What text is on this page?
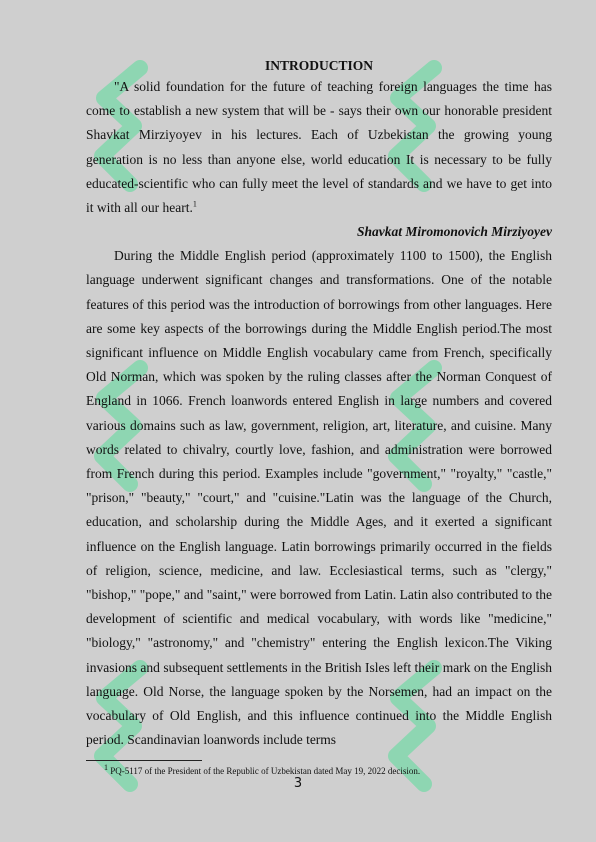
INTRODUCTION

"A solid foundation for the future of teaching foreign languages the time has come to establish a new system that will be - says their own our honorable president Shavkat Mirziyoyev in his lectures. Each of Uzbekistan the growing young generation is no less than anyone else, world education It is necessary to be fully educated-scientific who can fully meet the level of standards and we have to get into it with all our heart.$^1$

Shavkat Miromonovich Mirziyoyev

During the Middle English period (approximately 1100 to 1500), the English language underwent significant changes and transformations. One of the notable features of this period was the introduction of borrowings from other languages. Here are some key aspects of the borrowings during the Middle English period.The most significant influence on Middle English vocabulary came from French, specifically Old Norman, which was spoken by the ruling classes after the Norman Conquest of England in 1066. French loanwords entered English in large numbers and covered various domains such as law, government, religion, art, literature, and cuisine. Many words related to chivalry, courtly love, fashion, and administration were borrowed from French during this period. Examples include "government," "royalty," "castle," "prison," "beauty," "court," and "cuisine."Latin was the language of the Church, education, and scholarship during the Middle Ages, and it exerted a significant influence on the English language. Latin borrowings primarily occurred in the fields of religion, science, medicine, and law. Ecclesiastical terms, such as "clergy," "bishop," "pope," and "saint," were borrowed from Latin. Latin also contributed to the development of scientific and medical vocabulary, with words like "medicine," "biology," "astronomy," and "chemistry" entering the English lexicon.The Viking invasions and subsequent settlements in the British Isles left their mark on the English language. Old Norse, the language spoken by the Norsemen, had an impact on the vocabulary of Old English, and this influence continued into the Middle English period. Scandinavian loanwords include terms

$^1$ PQ-5117 of the President of the Republic of Uzbekistan dated May 19, 2022 decision.
3
